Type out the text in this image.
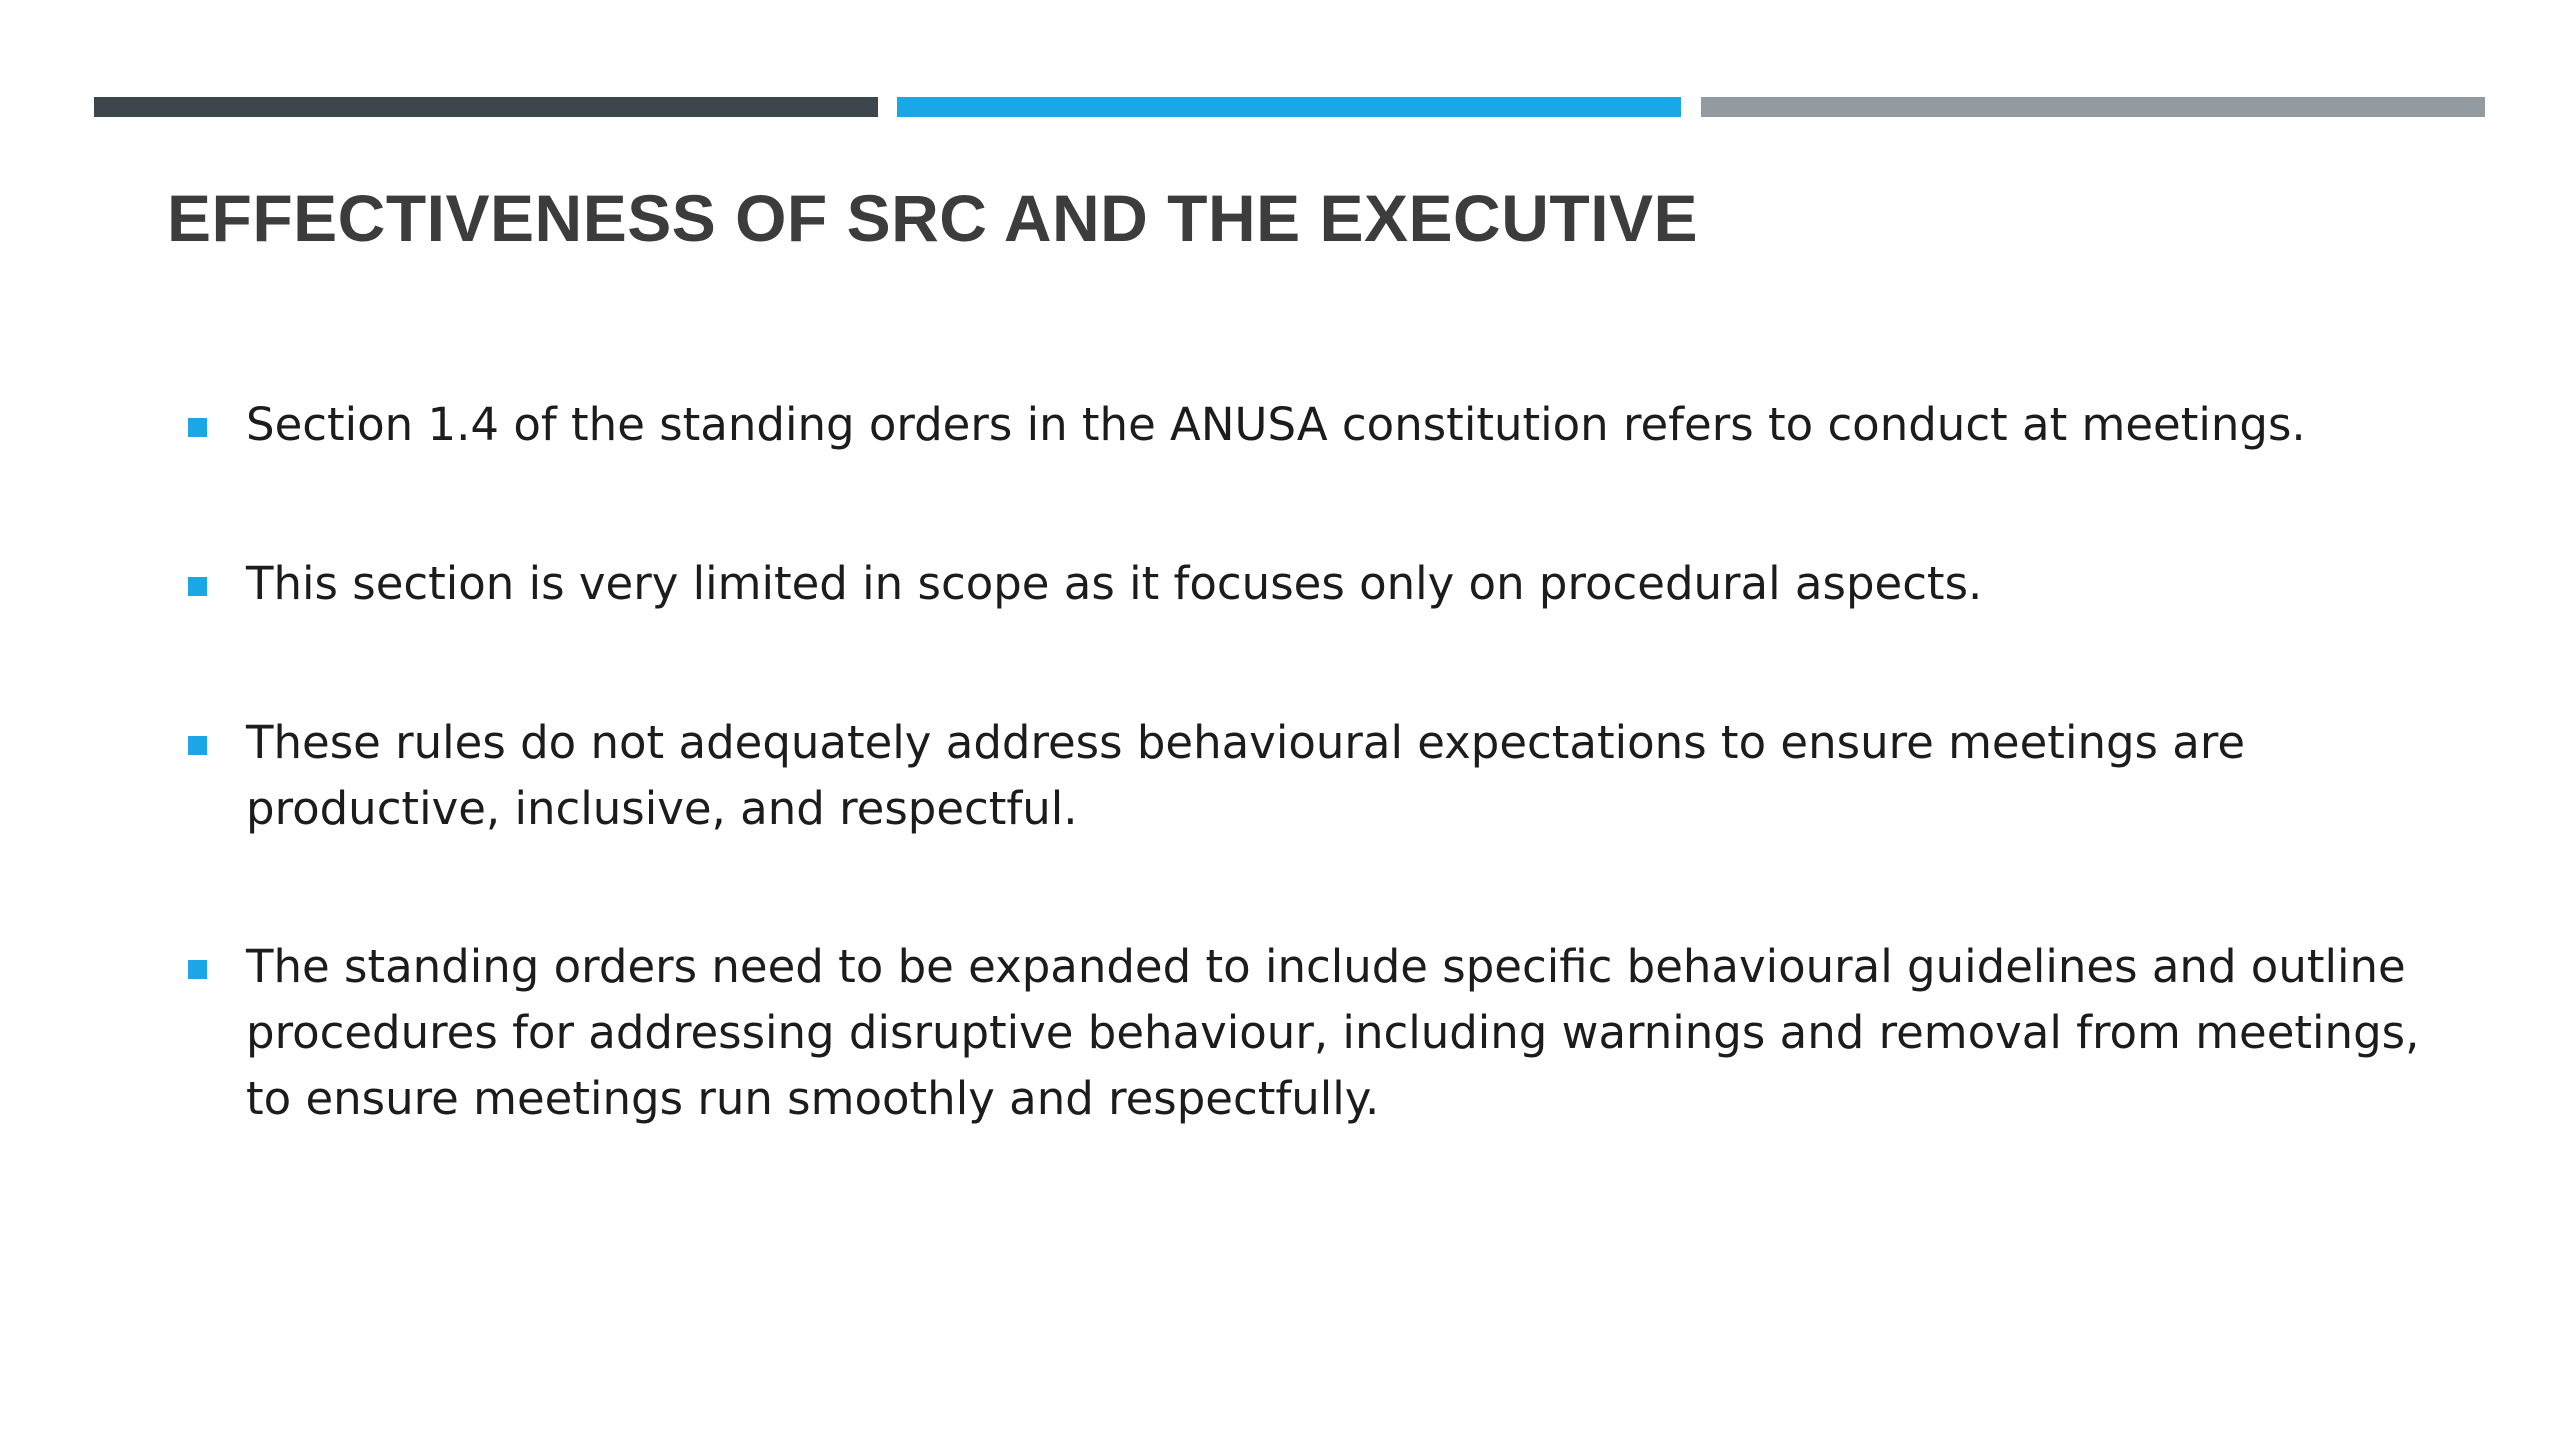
EFFECTIVENESS OF SRC AND THE EXECUTIVE
Section 1.4 of the standing orders in the ANUSA constitution refers to conduct at meetings.
This section is very limited in scope as it focuses only on procedural aspects.
These rules do not adequately address behavioural expectations to ensure meetings are productive, inclusive, and respectful.
The standing orders need to be expanded to include specific behavioural guidelines and outline procedures for addressing disruptive behaviour, including warnings and removal from meetings, to ensure meetings run smoothly and respectfully.
